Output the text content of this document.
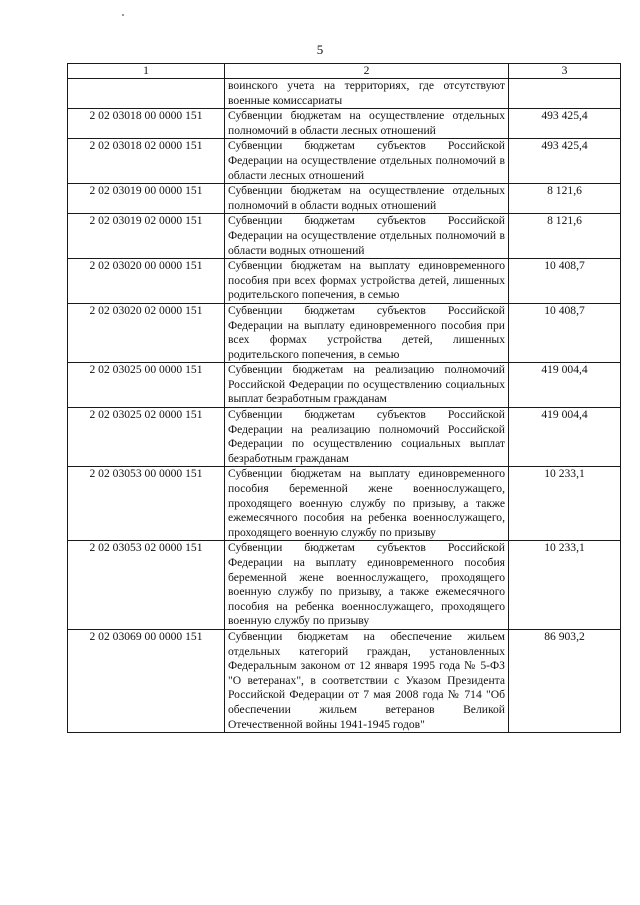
5
1	2	3
	воинского учета на территориях, где отсутствуют военные комиссариаты	
2 02 03018 00 0000 151	Субвенции бюджетам на осуществление отдельных полномочий в области лесных отношений	493 425,4
2 02 03018 02 0000 151	Субвенции бюджетам субъектов Российской Федерации на осуществление отдельных полномочий в области лесных отношений	493 425,4
2 02 03019 00 0000 151	Субвенции бюджетам на осуществление отдельных полномочий в области водных отношений	8 121,6
2 02 03019 02 0000 151	Субвенции бюджетам субъектов Российской Федерации на осуществление отдельных полномочий в области водных отношений	8 121,6
2 02 03020 00 0000 151	Субвенции бюджетам на выплату единовременного пособия при всех формах устройства детей, лишенных родительского попечения, в семью	10 408,7
2 02 03020 02 0000 151	Субвенции бюджетам субъектов Российской Федерации на выплату единовременного пособия при всех формах устройства детей, лишенных родительского попечения, в семью	10 408,7
2 02 03025 00 0000 151	Субвенции бюджетам на реализацию полномочий Российской Федерации по осуществлению социальных выплат безработным гражданам	419 004,4
2 02 03025 02 0000 151	Субвенции бюджетам субъектов Российской Федерации на реализацию полномочий Российской Федерации по осуществлению социальных выплат безработным гражданам	419 004,4
2 02 03053 00 0000 151	Субвенции бюджетам на выплату единовременного пособия беременной жене военнослужащего, проходящего военную службу по призыву, а также ежемесячного пособия на ребенка военнослужащего, проходящего военную службу по призыву	10 233,1
2 02 03053 02 0000 151	Субвенции бюджетам субъектов Российской Федерации на выплату единовременного пособия беременной жене военнослужащего, проходящего военную службу по призыву, а также ежемесячного пособия на ребенка военнослужащего, проходящего военную службу по призыву	10 233,1
2 02 03069 00 0000 151	Субвенции бюджетам на обеспечение жильем отдельных категорий граждан, установленных Федеральным законом от 12 января 1995 года № 5-ФЗ "О ветеранах", в соответствии с Указом Президента Российской Федерации от 7 мая 2008 года № 714 "Об обеспечении жильем ветеранов Великой Отечественной войны 1941-1945 годов"	86 903,2
